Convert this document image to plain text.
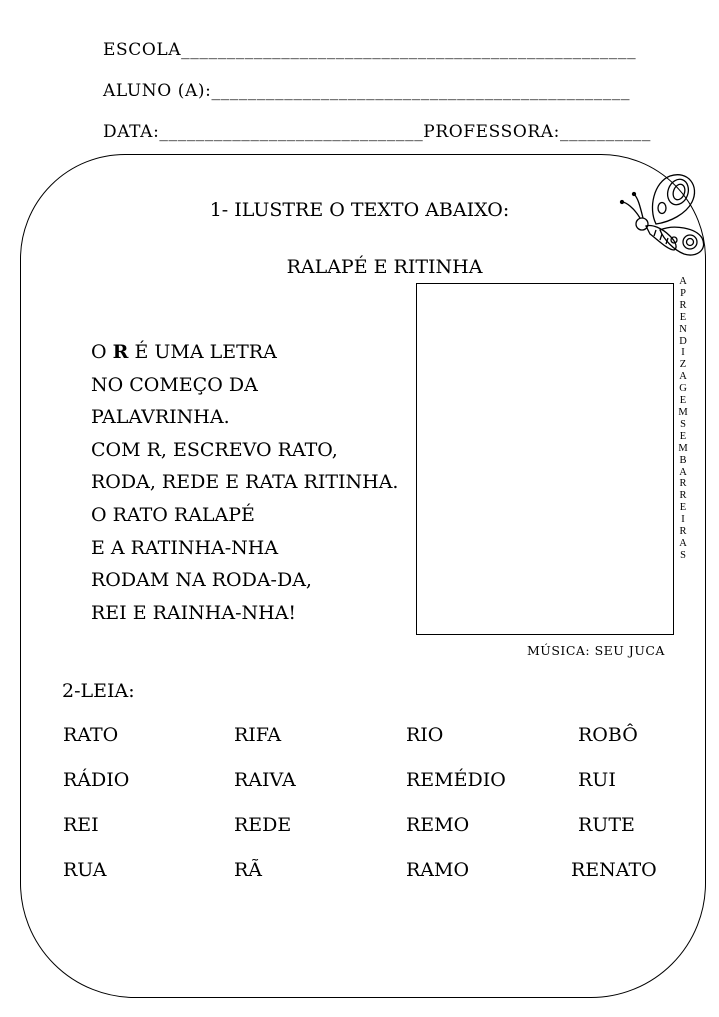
ESCOLA__________________________________________________
ALUNO (A):______________________________________________
DATA:_____________________________PROFESSORA:__________
1- ILUSTRE O TEXTO ABAIXO:
RALAPÉ E RITINHA
O R É UMA LETRA
NO COMEÇO DA
PALAVRINHA.
COM R, ESCREVO RATO,
RODA, REDE E RATA RITINHA.
O RATO RALAPÉ
E A RATINHA-NHA
RODAM NA RODA-DA,
REI E RAINHA-NHA!
A
P
R
E
N
D
I
Z
A
G
E
M
S
E
M
B
A
R
R
E
I
R
A
S
MÚSICA: SEU JUCA
2-LEIA:
RATO	RIFA	RIO	ROBÔ
RÁDIO	RAIVA	REMÉDIO	RUI
REI	REDE	REMO	RUTE
RUA	RÃ	RAMO	RENATO
